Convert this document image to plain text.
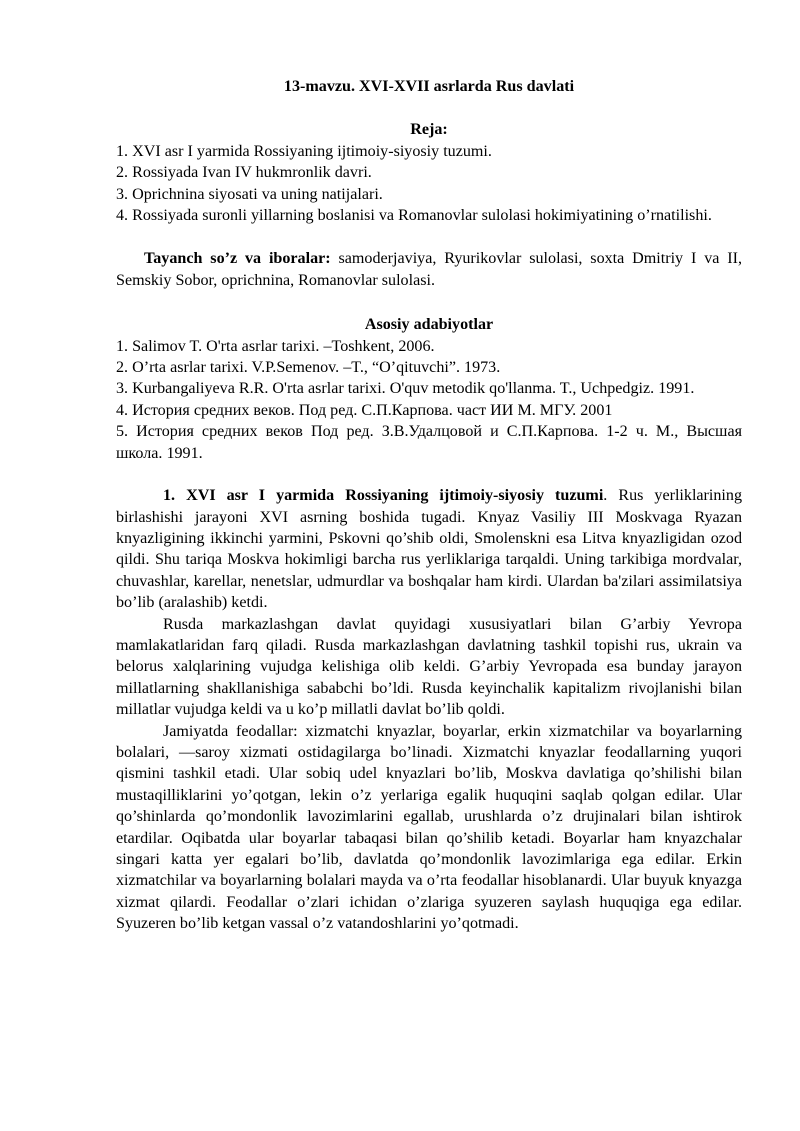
13-mavzu. XVI-XVII asrlarda Rus davlati
Reja:
1. XVI asr I yarmida Rossiyaning ijtimoiy-siyosiy tuzumi.
2. Rossiyada Ivan IV hukmronlik davri.
3. Oprichnina siyosati va uning natijalari.
4. Rossiyada suronli yillarning boslanisi va Romanovlar sulolasi hokimiyatining o’rnatilishi.
Tayanch so’z va iboralar: samoderjaviya, Ryurikovlar sulolasi, soxta Dmitriy I va II, Semskiy Sobor, oprichnina, Romanovlar sulolasi.
Asosiy adabiyotlar
1. Salimov T. O'rta asrlar tarixi. –Toshkent, 2006.
2. O’rta asrlar tarixi. V.P.Semenov. –T., “O’qituvchi”. 1973.
3. Kurbangaliyeva R.R. O'rta asrlar tarixi. O'quv metodik qo'llanma. T., Uchpedgiz. 1991.
4. История средних веков. Под ред. С.П.Карпова. част ИИ М. МГУ. 2001
5. История средних веков Под ред. З.В.Удалцовой и С.П.Карпова. 1-2 ч. М., Высшая школа. 1991.
1. XVI asr I yarmida Rossiyaning ijtimoiy-siyosiy tuzumi. Rus yerliklarining birlashishi jarayoni XVI asrning boshida tugadi. Knyaz Vasiliy III Moskvaga Ryazan knyazligining ikkinchi yarmini, Pskovni qo’shib oldi, Smolenskni esa Litva knyazligidan ozod qildi. Shu tariqa Moskva hokimligi barcha rus yerliklariga tarqaldi. Uning tarkibiga mordvalar, chuvashlar, karellar, nenetslar, udmurdlar va boshqalar ham kirdi. Ulardan ba'zilari assimilatsiya bo’lib (aralashib) ketdi.
Rusda markazlashgan davlat quyidagi xususiyatlari bilan G’arbiy Yevropa mamlakatlaridan farq qiladi. Rusda markazlashgan davlatning tashkil topishi rus, ukrain va belorus xalqlarining vujudga kelishiga olib keldi. G’arbiy Yevropada esa bunday jarayon millatlarning shakllanishiga sababchi bo’ldi. Rusda keyinchalik kapitalizm rivojlanishi bilan millatlar vujudga keldi va u ko’p millatli davlat bo’lib qoldi.
Jamiyatda feodallar: xizmatchi knyazlar, boyarlar, erkin xizmatchilar va boyarlarning bolalari, —saroy xizmati ostidagilarga bo’linadi. Xizmatchi knyazlar feodallarning yuqori qismini tashkil etadi. Ular sobiq udel knyazlari bo’lib, Moskva davlatiga qo’shilishi bilan mustaqilliklarini yo’qotgan, lekin o’z yerlariga egalik huquqini saqlab qolgan edilar. Ular qo’shinlarda qo’mondonlik lavozimlarini egallab, urushlarda o’z drujinalari bilan ishtirok etardilar. Oqibatda ular boyarlar tabaqasi bilan qo’shilib ketadi. Boyarlar ham knyazchalar singari katta yer egalari bo’lib, davlatda qo’mondonlik lavozimlariga ega edilar. Erkin xizmatchilar va boyarlarning bolalari mayda va o’rta feodallar hisoblanardi. Ular buyuk knyazga xizmat qilardi. Feodallar o’zlari ichidan o’zlariga syuzeren saylash huquqiga ega edilar. Syuzeren bo’lib ketgan vassal o’z vatandoshlarini yo’qotmadi.
